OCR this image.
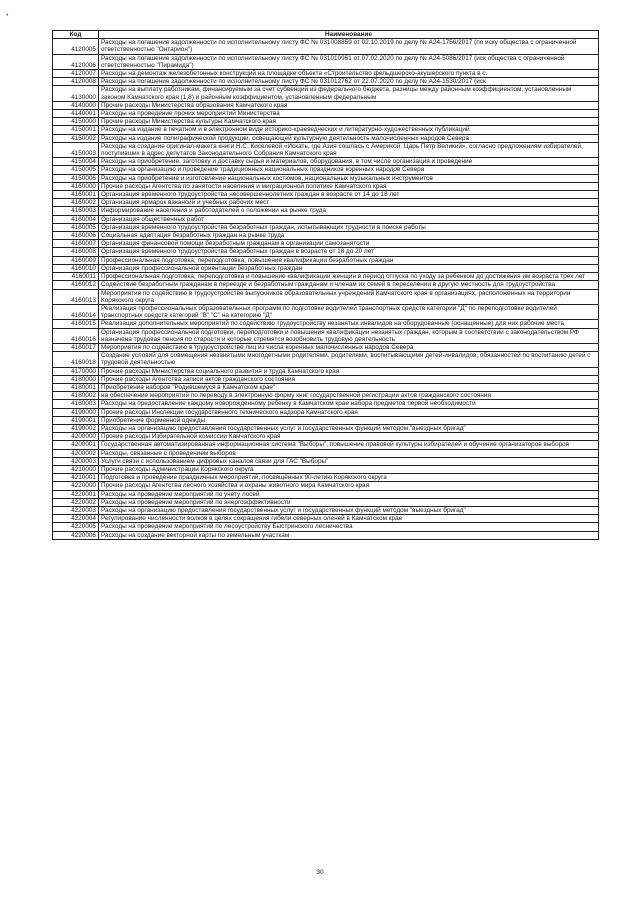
•
Код	Наименование
4120005	Расходы на погашение задолженности по исполнительному листу ФС № 031008859 от 02.10.2019 по делу № А24-1756/2017 (по иску общества с ограниченной ответственностью "Онтарион")
4120006	Расходы на погашение задолженности по исполнительному листу ФС № 031010961 от 07.02.2020 по делу № А24-5086/2017 (иск общества с ограниченной ответственностью "Пирамида")
4120007	Расходы на демонтаж железобетонных конструкций на площадке объекта «Строительство фельдшерско-акушерского пункта в с.
4120008	Расходы на погашение задолженности по исполнительному листу ФС № 031012762 от 22.07.2020 по делу № А24-1530/2017 (иск
4130000	Расходы на выплату работникам, финансируемым за счет субвенций из федерального бюджета, разницы между районным коэффициентом, установленным законом Камчатского края (1,8) и районным коэффициентом, установленным федеральным
4140000	Прочие расходы Министерства образования Камчатского края
4140001	Расходы на проведение прочих мероприятий Министерства
4150000	Прочие расходы Министерства культуры Камчатского края
4150001	Расходы на издание в печатном и в электронном виде историко-краеведческих и литературно-художественных публикаций
4150002	Расходы на издание полиграфической продукции, освещающей культурную деятельность малочисленных народов Севера
4150003	Расходы на создание оригинал-макета книги Н.С. Киселевой «Искать, где Азия сошлась с Америкой. Царь Петр Великий», согласно предложениям избирателей, поступивших в адрес депутатов Законодательного Собрания Камчатского края
4150004	Расходы на приобретение, заготовку и доставку сырья и материалов, оборудования, в том числе организация и проведение
4150005	Расходы на организацию и проведение традиционных национальных праздников коренных народов Севера
4150006	Расходы на приобретение и изготовление национальных костюмов, национальных музыкальных инструментов
4160000	Прочие расходы Агентства по занятости населения и миграционной политике Камчатского края
4160001	Организация временного трудоустройства несовершеннолетних граждан в возрасте от 14 до 18 лет
4160002	Организация ярмарок вакансий и учебных рабочих мест
4160003	Информирование населения и работодателей о положении на рынке труда
4160004	Организация общественных работ
4160005	Организация временного трудоустройства безработных граждан, испытывающих трудности в поиске работы
4160006	Социальная адаптация безработных граждан на рынке труда
4160007	Организация финансовой помощи безработным гражданам в организации самозанятости
4160008	Организация временного трудоустройства безработных граждан в возрасте от 18 до 20 лет
4160009	Профессиональная подготовка, переподготовка, повышение квалификации безработных граждан
4160010	Организация профессиональной ориентации безработных граждан
4160011	Профессиональная подготовка, переподготовка и повышение квалификации женщин в период отпуска по уходу за ребенком до достижения им возраста трех лет
4160012	Содействие безработным гражданам в переезде и безработным гражданам и членам их семей в переселении в другую местность для трудоустройства
4160013	Мероприятия по содействию в трудоустройстве выпускников образовательных учреждений Камчатского края в организациях, расположенных на территории Корякского округа
4160014	Реализация профессиональных образовательных программ по подготовке водителей транспортных средств категории "Д" по переподготовке водителей транспортных средств категорий "В" "С" на категорию "Д"
4160015	Реализация дополнительных мероприятий по содействию трудоустройству незанятых инвалидов на оборудованные (оснащенные) для них рабочие места
4160016	Организация профессиональной подготовки, переподготовки и повышения квалификации незанятых граждан, которым в соответствии с законодательством РФ назначена трудовая пенсия по старости и которые стремятся возобновить трудовую деятельность
4160017	Мероприятия по содействию в трудоустройстве лиц из числа коренных малочисленных народов Севера
4160018	Создание условий для совмещения незанятыми многодетными родителями, родителями, воспитывающими детей-инвалидов, обязанностей по воспитанию детей с трудовой деятельностью
4170000	Прочие расходы Министерства социального развития и труда Камчатского края
4180000	Прочие расходы Агентства записи актов гражданского состояния
4180001	Приобретение наборов "Родившемуся в Камчатском крае"
4180002	на обеспечение мероприятий по переводу в электронную форму книг государственной регистрации актов гражданского состояния
4180003	Расходы на предоставление каждому новорожденному ребенку в Камчатском крае набора предметов первой необходимости
4190000	Прочие расходы Инспекции государственного технического надзора Камчатского края
4190001	Приобретение форменной одежды
4190002	Расходы на организацию предоставления государственных услуг и государственных функций методом "выездных бригад"
4200000	Прочие расходы Избирательной комиссии Камчатского края
4200001	Государственная автоматизированная информационная система "Выборы", повышение правовой культуры избирателей и обучение организаторов выборов
4200002	Расходы, связанные с проведением выборов
4200003	Услуги связи с использованием цифровых каналов связи для ГАС "Выборы"
4210000	Прочие расходы Администрации Корякского округа
4210001	Подготовка и проведение праздничных мероприятий, посвящённых 90-летию Корякского округа
4220000	Прочие расходы Агентства лесного хозяйства и охраны животного мира Камчатского края
4220001	Расходы на проведение мероприятий по учету лосей
4220002	Расходы на проведение мероприятий по энергоэффективности
4220003	Расходы на организацию предоставления государственных услуг и государственных функций методом "выездных бригад"
4220004	Регулирование численности волков в целях сокращения гибели северных оленей в Камчатском крае
4220005	Расходы на проведение мероприятий по лесоустройству Быстринского лесничества
4220006	Расходы на создание векторной карты по земельным участкам
30
